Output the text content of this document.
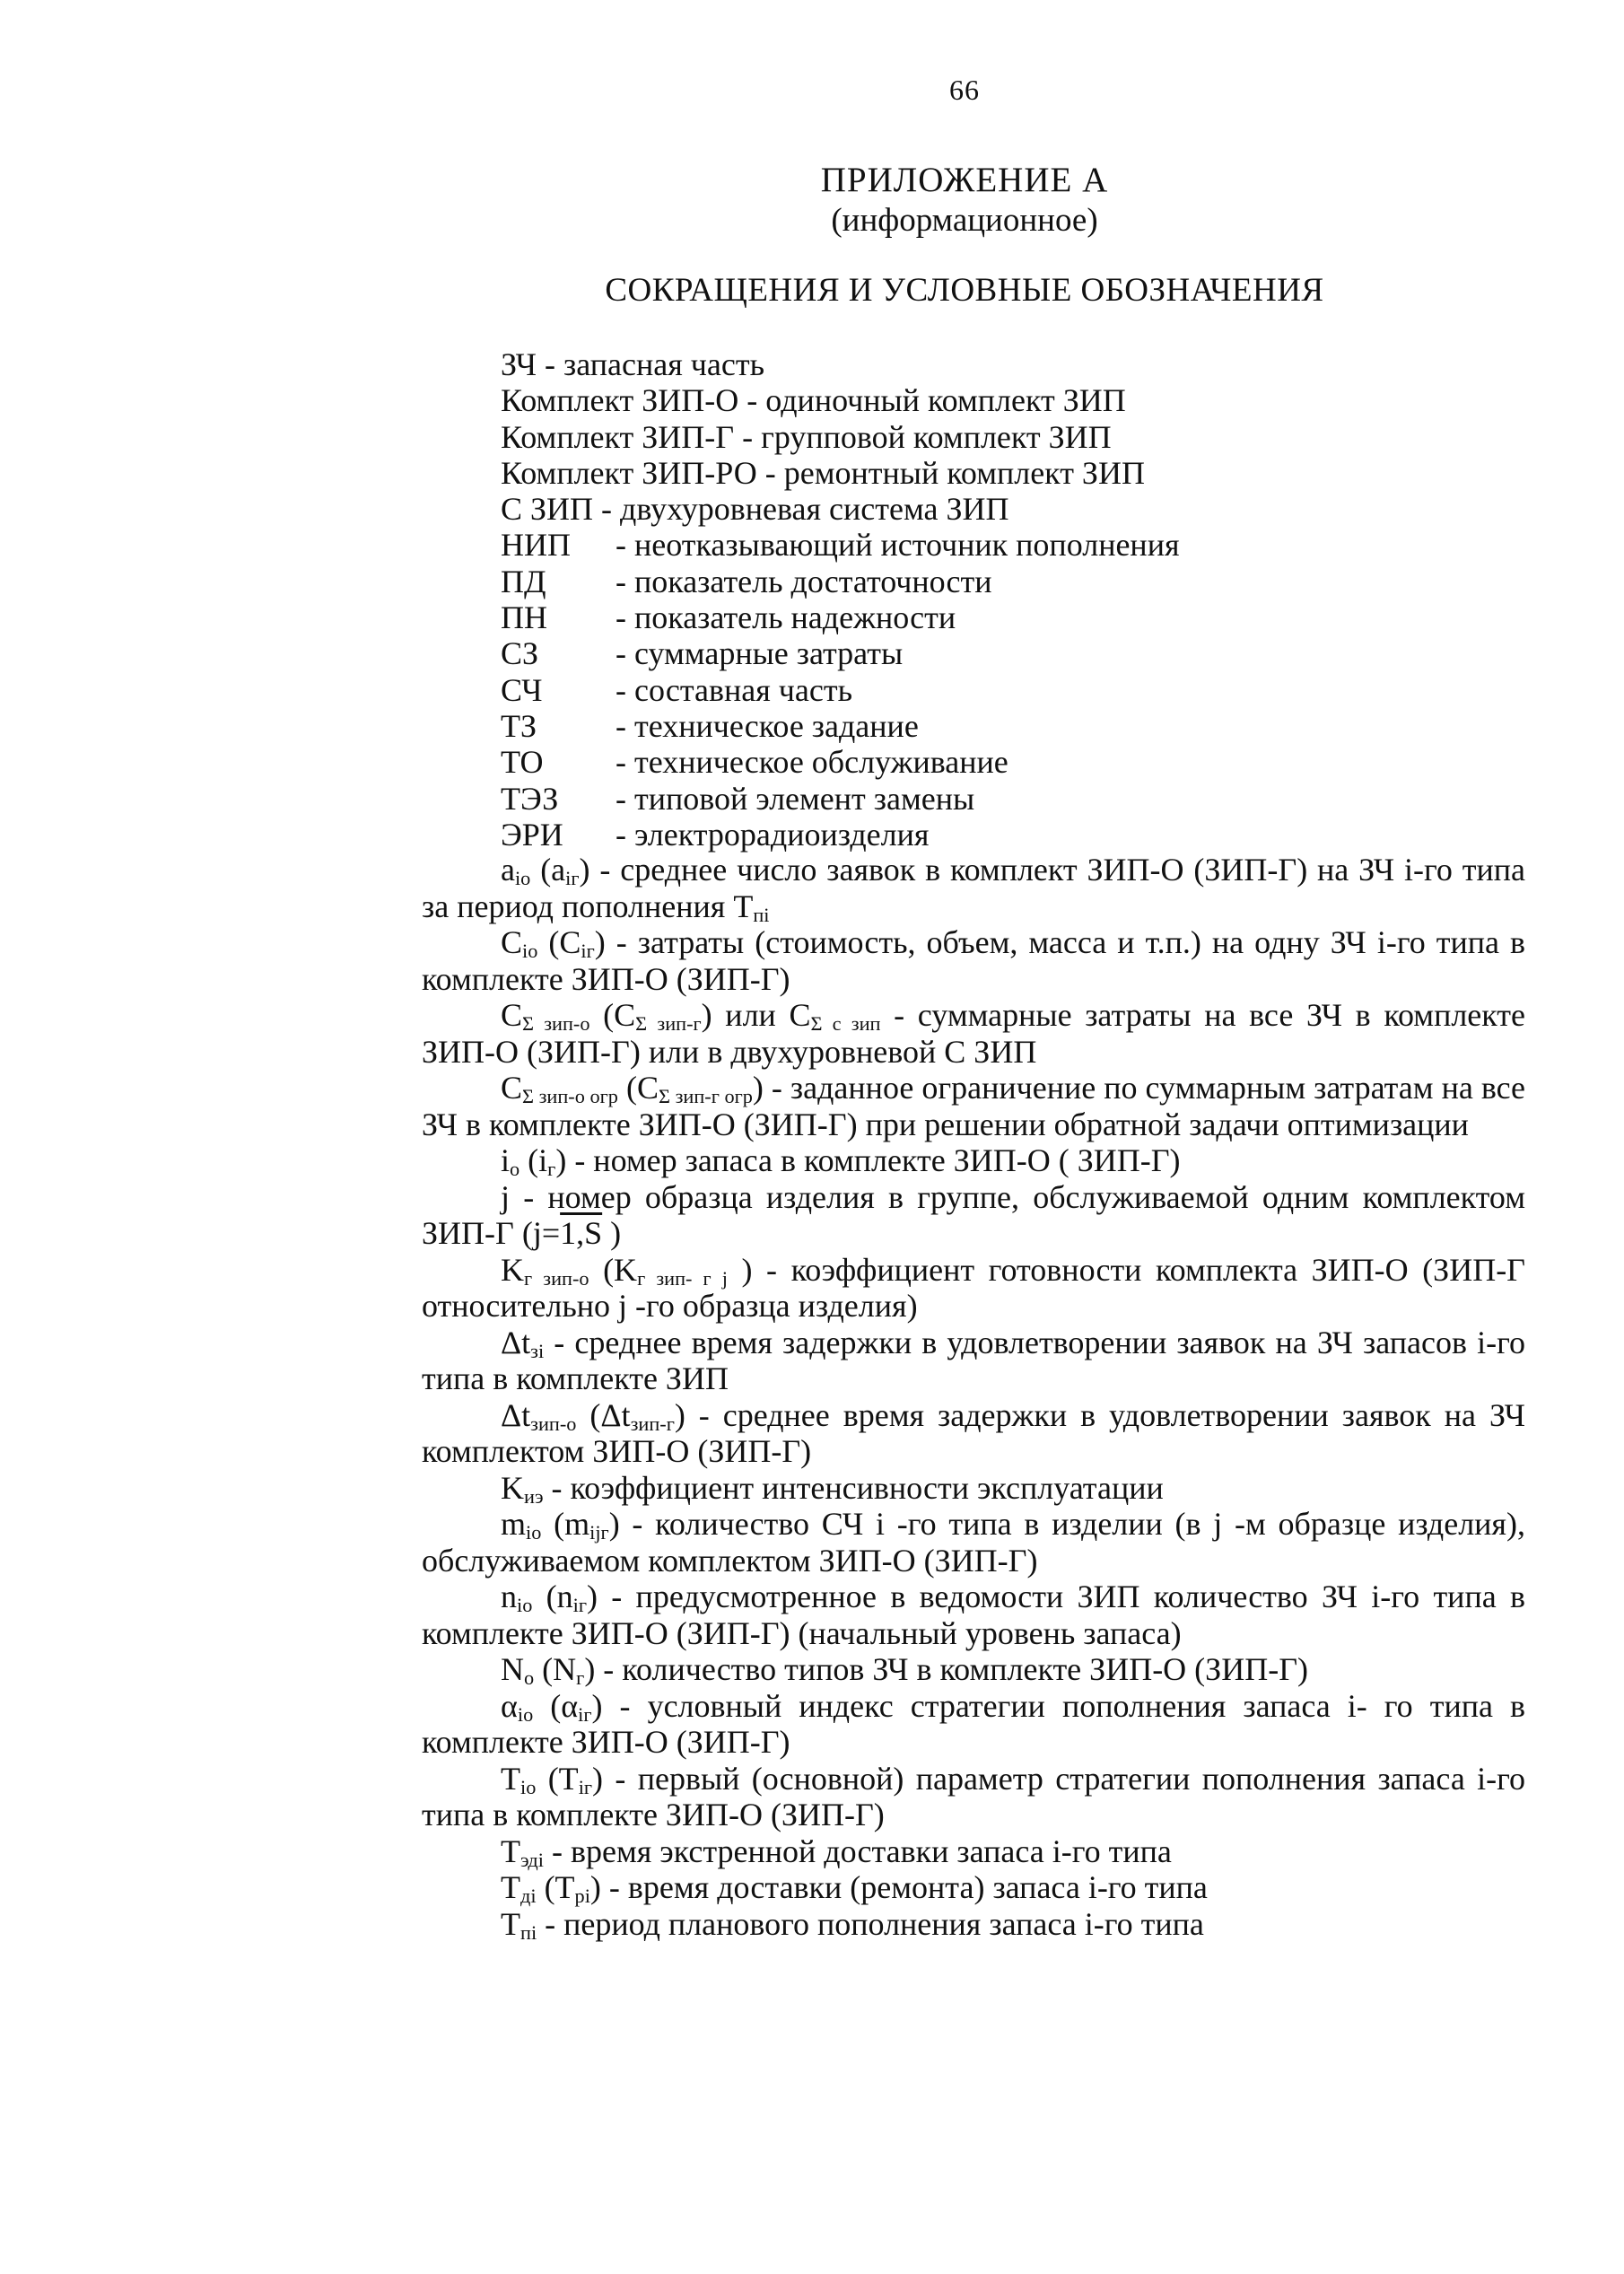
66
ПРИЛОЖЕНИЕ А
(информационное)
СОКРАЩЕНИЯ И УСЛОВНЫЕ ОБОЗНАЧЕНИЯ
ЗЧ - запасная часть
Комплект ЗИП-О - одиночный комплект ЗИП
Комплект ЗИП-Г - групповой комплект ЗИП
Комплект ЗИП-РО - ремонтный комплект ЗИП
С ЗИП - двухуровневая система ЗИП
НИП - неотказывающий источник пополнения
ПД - показатель достаточности
ПН - показатель надежности
СЗ - суммарные затраты
СЧ - составная часть
ТЗ - техническое задание
ТО - техническое обслуживание
ТЭЗ - типовой элемент замены
ЭРИ - электрорадиоизделия

$a_{io}$ $(a_{iг})$ - среднее число заявок в комплект ЗИП-О (ЗИП-Г) на ЗЧ i-го типа за период пополнения $T_{пi}$

$C_{io}$ $(C_{iг})$ - затраты (стоимость, объем, масса и т.п.) на одну ЗЧ i-го типа в комплекте ЗИП-О (ЗИП-Г)

$C_{\Sigma зип-о}$ $(C_{\Sigma зип-г})$ или $C_{\Sigma с зип}$ - суммарные затраты на все ЗЧ в комплекте ЗИП-О (ЗИП-Г) или в двухуровневой С ЗИП

$C_{\Sigma зип-о огр}$ $(C_{\Sigma зип-г огр})$ - заданное ограничение по суммарным затратам на все ЗЧ в комплекте ЗИП-О (ЗИП-Г) при решении обратной задачи оптимизации

$i_o$ $(i_г)$ - номер запаса в комплекте ЗИП-О ( ЗИП-Г)

j - номер образца изделия в группе, обслуживаемой одним комплектом ЗИП-Г (j=1,S )

$K_{г зип-о}$ ($K_{г зип- г j}$ ) - коэффициент готовности комплекта ЗИП-О (ЗИП-Г относительно j -го образца изделия)

$\Delta t_{зi}$ - среднее время задержки в удовлетворении заявок на ЗЧ запасов i-го типа в комплекте ЗИП

$\Delta t_{зип-о}$ $(\Delta t_{зип-г})$ - среднее время задержки в удовлетворении заявок на ЗЧ комплектом ЗИП-О (ЗИП-Г)

$K_{иэ}$ - коэффициент интенсивности эксплуатации

$m_{io}$ $(m_{ijг})$ - количество СЧ i -го типа в изделии (в j -м образце изделия), обслуживаемом комплектом ЗИП-О (ЗИП-Г)

$n_{io}$ $(n_{iг})$ - предусмотренное в ведомости ЗИП количество ЗЧ i-го типа в комплекте ЗИП-О (ЗИП-Г) (начальный уровень запаса)

$N_o$ $(N_г)$ - количество типов ЗЧ в комплекте ЗИП-О (ЗИП-Г)

$\alpha_{io}$ $(\alpha_{iг})$ - условный индекс стратегии пополнения запаса i- го типа в комплекте ЗИП-О (ЗИП-Г)

$T_{io}$ $(T_{iг})$ - первый (основной) параметр стратегии пополнения запаса i-го типа в комплекте ЗИП-О (ЗИП-Г)

$T_{эдi}$ - время экстренной доставки запаса i-го типа

$T_{дi}$ $(T_{рi})$ - время доставки (ремонта) запаса i-го типа

$T_{пi}$ - период планового пополнения запаса i-го типа
